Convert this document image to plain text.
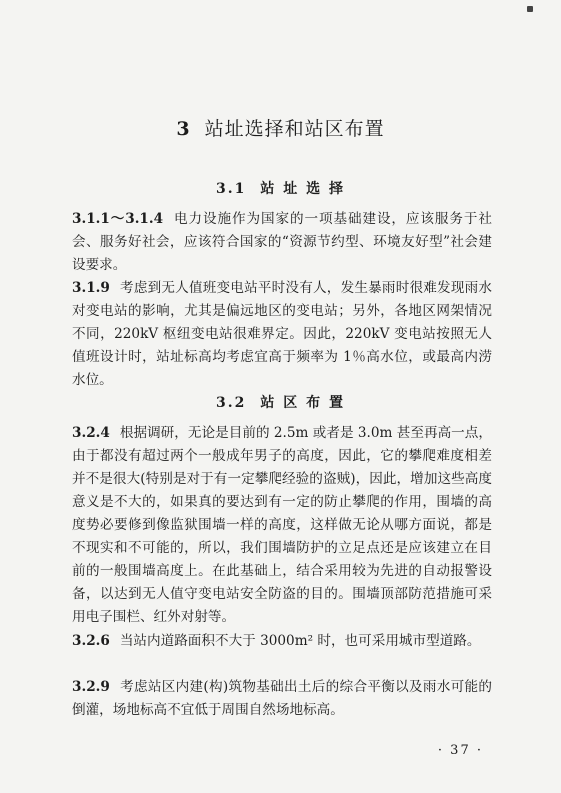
3 站址选择和站区布置
3.1 站 址 选 择

3.1.1～3.1.4 电力设施作为国家的一项基础建设，应该服务于社会、服务好社会，应该符合国家的“资源节约型、环境友好型”社会建设要求。

3.1.9 考虑到无人值班变电站平时没有人，发生暴雨时很难发现雨水对变电站的影响，尤其是偏远地区的变电站；另外，各地区网架情况不同，220kV 枢纽变电站很难界定。因此，220kV 变电站按照无人值班设计时，站址标高均考虑宜高于频率为 1％高水位，或最高内涝水位。

3.2 站 区 布 置

3.2.4 根据调研，无论是目前的 2.5m 或者是 3.0m 甚至再高一点，由于都没有超过两个一般成年男子的高度，因此，它的攀爬难度相差并不是很大(特别是对于有一定攀爬经验的盗贼)，因此，增加这些高度意义是不大的，如果真的要达到有一定的防止攀爬的作用，围墙的高度势必要修到像监狱围墙一样的高度，这样做无论从哪方面说，都是不现实和不可能的，所以，我们围墙防护的立足点还是应该建立在目前的一般围墙高度上。在此基础上，结合采用较为先进的自动报警设备，以达到无人值守变电站安全防盗的目的。围墙顶部防范措施可采用电子围栏、红外对射等。

3.2.6 当站内道路面积不大于 3000m² 时，也可采用城市型道路。

3.2.9 考虑站区内建(构)筑物基础出土后的综合平衡以及雨水可能的倒灌，场地标高不宜低于周围自然场地标高。

· 37 ·
